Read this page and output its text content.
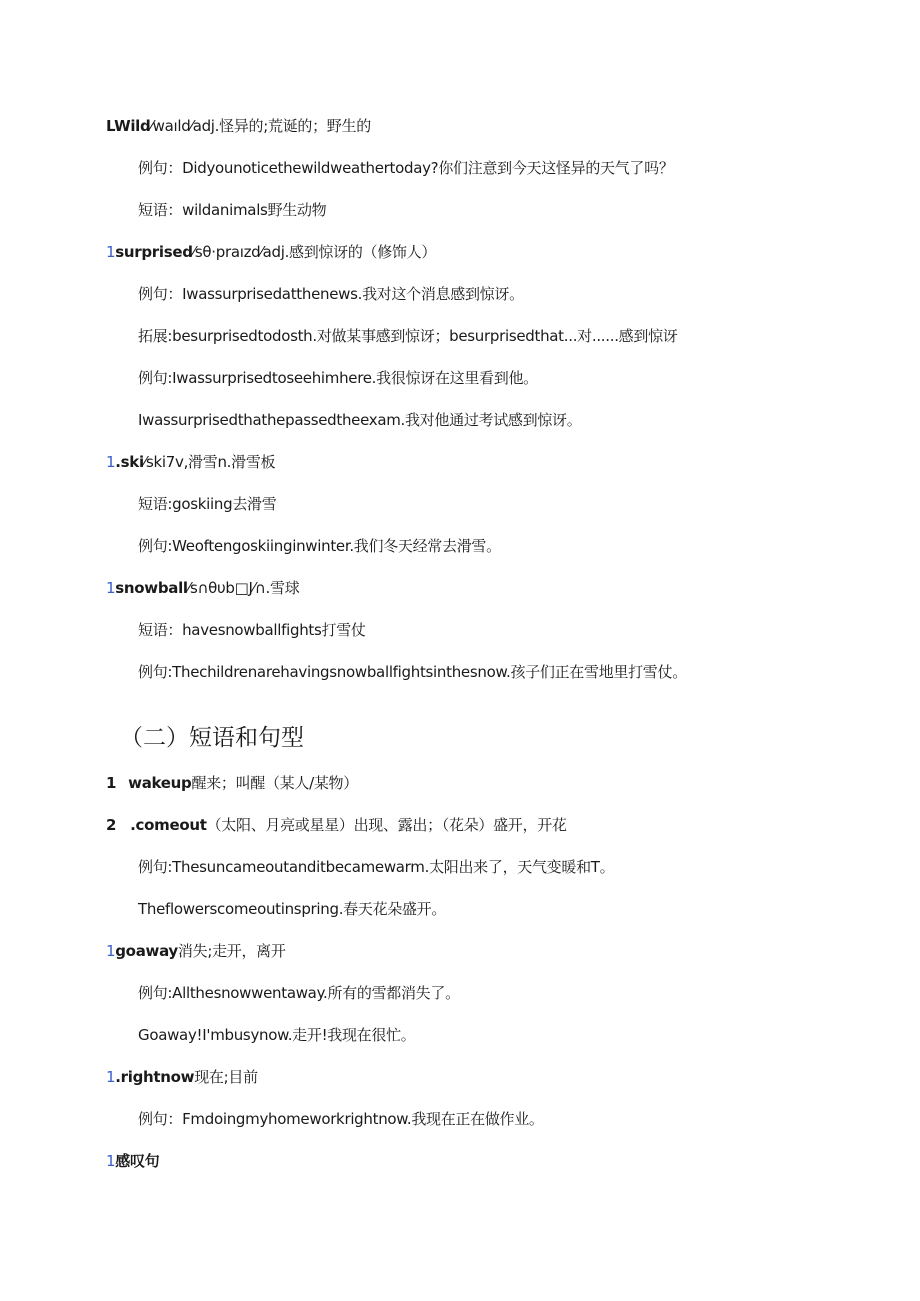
LWild⁄waıld⁄adj.怪异的;荒诞的；野生的
例句：Didyounoticethewildweathertoday?你们注意到今天这怪异的天气了吗？
短语：wildanimals野生动物
1surprised⁄sθ·praızd⁄adj.感到惊讶的（修饰人）
例句：Iwassurprisedatthenews.我对这个消息感到惊讶。
拓展:besurprisedtodosth.对做某事感到惊讶；besurprisedthat...对......感到惊讶
例句:Iwassurprisedtoseehimhere.我很惊讶在这里看到他。
Iwassurprisedthathepassedtheexam.我对他通过考试感到惊讶。
1.ski⁄ski7v,滑雪n.滑雪板
短语:goskiing去滑雪
例句:Weoftengoskiinginwinter.我们冬天经常去滑雪。
1snowball⁄s∩θυb□J⁄∩.雪球
短语：havesnowballfights打雪仗
例句:Thechildrenarehavingsnowballfightsinthesnow.孩子们正在雪地里打雪仗。
（二）短语和句型
1 wakeup醒来；叫醒（某人/某物）
2 .comeout（太阳、月亮或星星）出现、露出；（花朵）盛开，开花
例句:Thesuncameoutanditbecamewarm.太阳出来了，天气变暖和T。
Theflowerscomeoutinspring.春天花朵盛开。
1goaway消失;走开，离开
例句:Allthesnowwentaway.所有的雪都消失了。
Goaway!I'mbusynow.走开!我现在很忙。
1.rightnow现在;目前
例句：Fmdoingmyhomeworkrightnow.我现在正在做作业。
1感叹句
